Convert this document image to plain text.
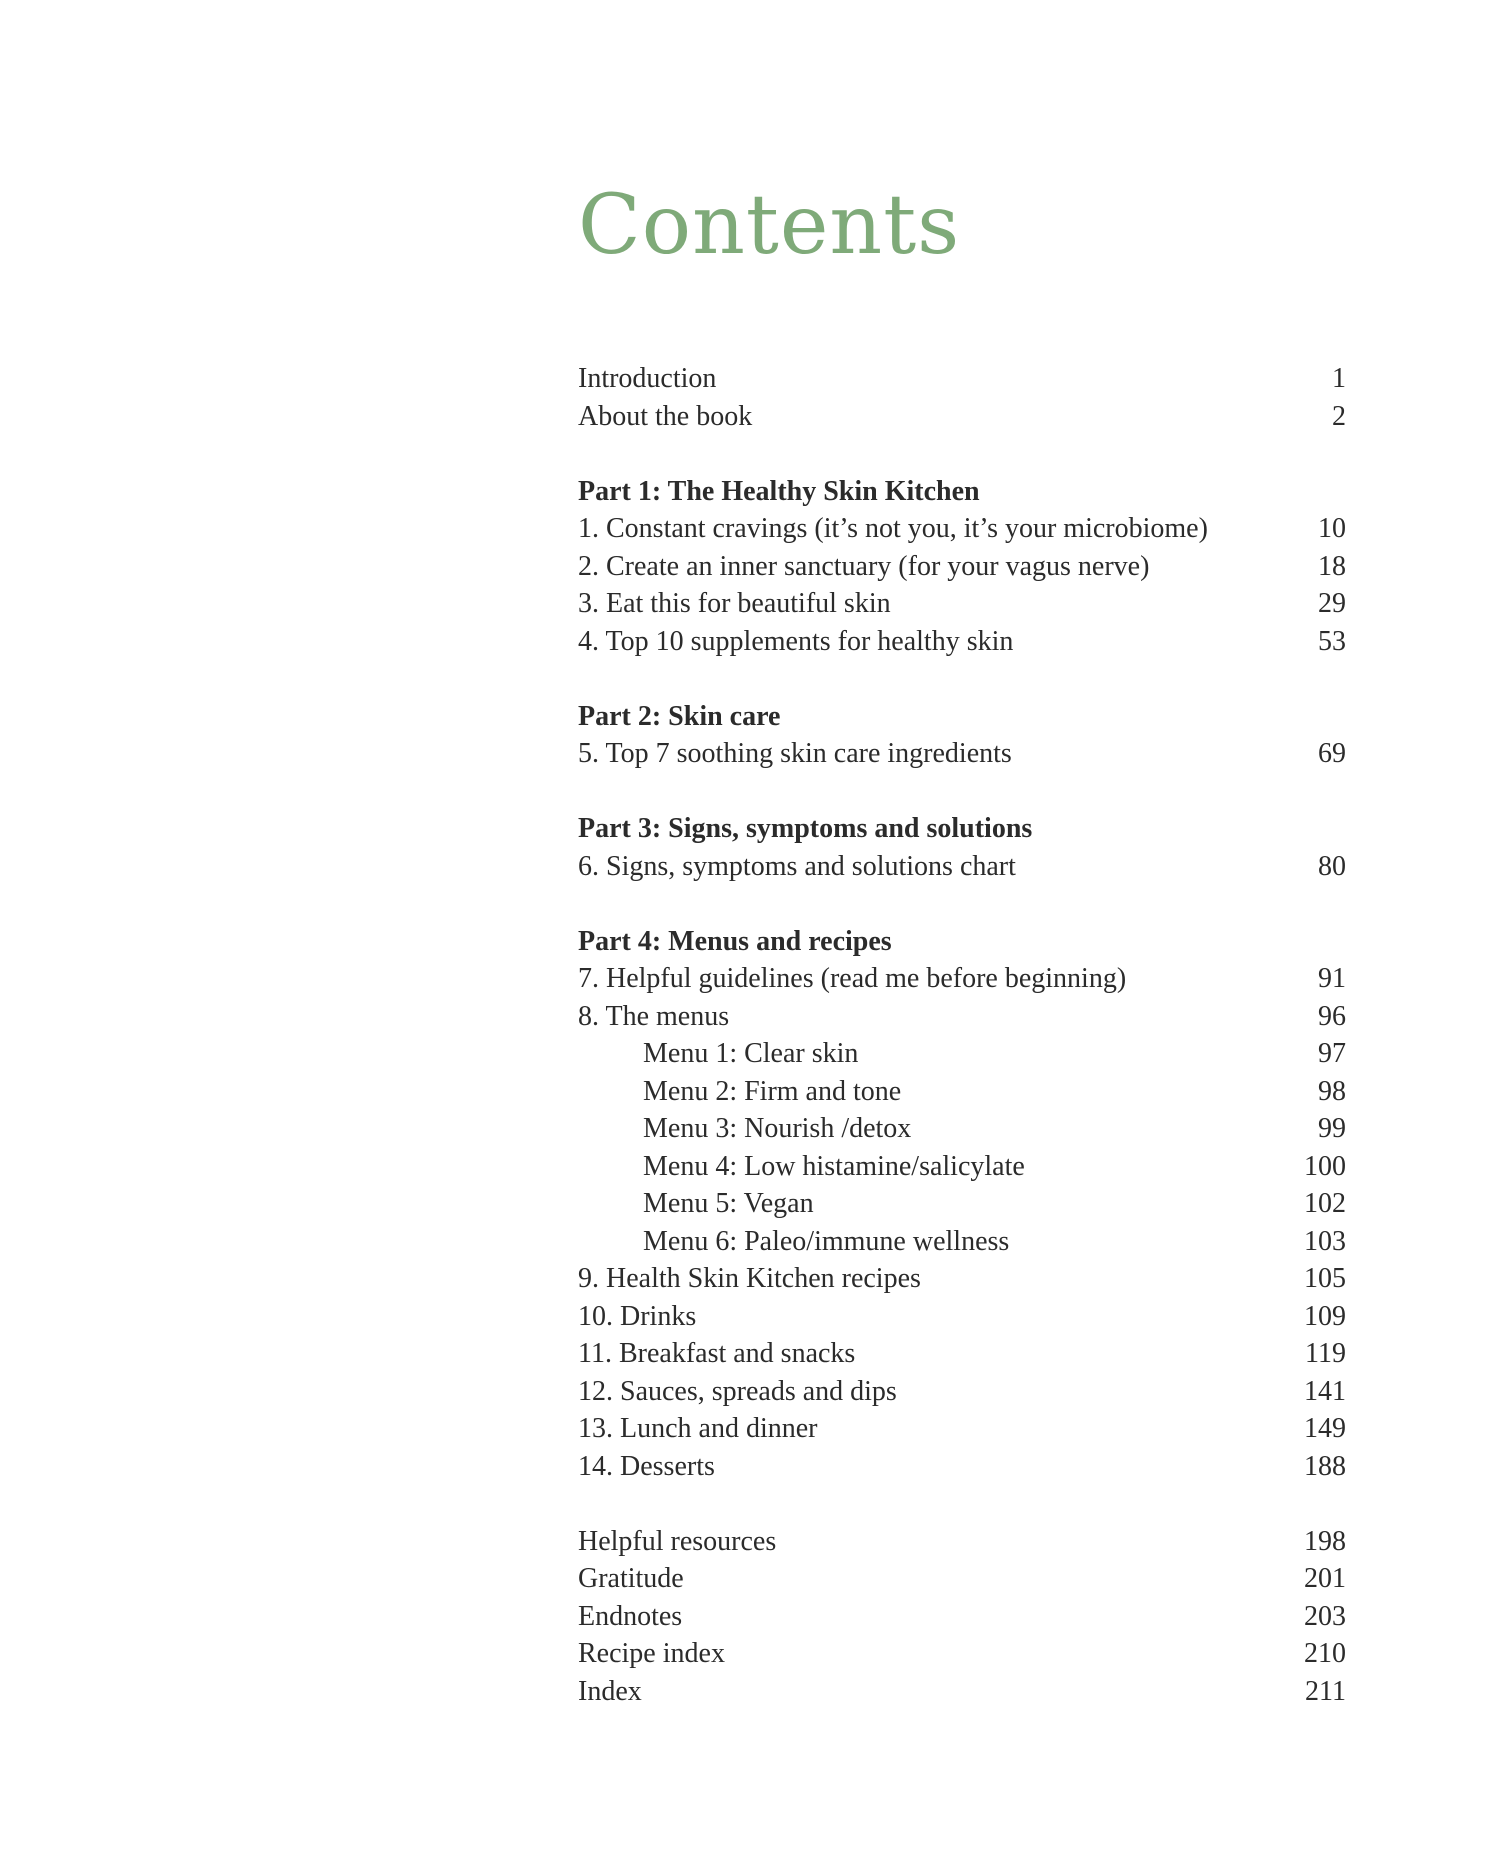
Contents
Introduction	1
About the book	2
Part 1: The Healthy Skin Kitchen
1. Constant cravings (it’s not you, it’s your microbiome)	10
2. Create an inner sanctuary (for your vagus nerve)	18
3. Eat this for beautiful skin	29
4. Top 10 supplements for healthy skin	53
Part 2: Skin care
5. Top 7 soothing skin care ingredients	69
Part 3: Signs, symptoms and solutions
6. Signs, symptoms and solutions chart	80
Part 4: Menus and recipes
7. Helpful guidelines (read me before beginning)	91
8. The menus	96
Menu 1: Clear skin	97
Menu 2: Firm and tone	98
Menu 3: Nourish /detox	99
Menu 4: Low histamine/salicylate	100
Menu 5: Vegan	102
Menu 6: Paleo/immune wellness	103
9. Health Skin Kitchen recipes	105
10. Drinks	109
11. Breakfast and snacks	119
12. Sauces, spreads and dips	141
13. Lunch and dinner	149
14. Desserts	188
Helpful resources	198
Gratitude	201
Endnotes	203
Recipe index	210
Index	211
